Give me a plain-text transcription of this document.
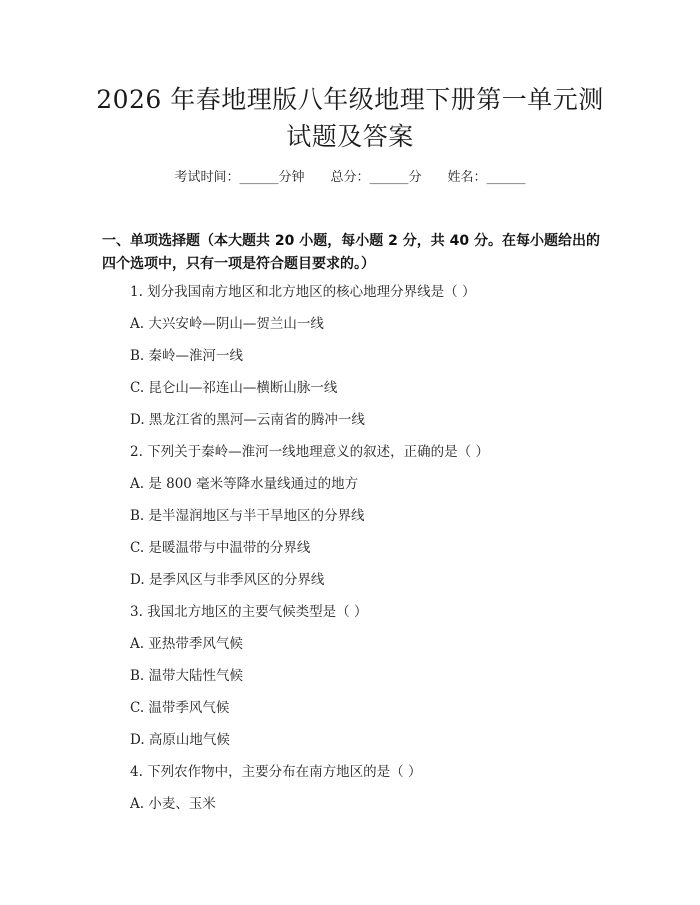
2026 年春地理版八年级地理下册第一单元测
试题及答案
考试时间：______分钟 总分：______分 姓名：______
一、单项选择题（本大题共 20 小题，每小题 2 分，共 40 分。在每小题给出的四个选项中，只有一项是符合题目要求的。）
1. 划分我国南方地区和北方地区的核心地理分界线是（ ）
A. 大兴安岭—阴山—贺兰山一线
B. 秦岭—淮河一线
C. 昆仑山—祁连山—横断山脉一线
D. 黑龙江省的黑河—云南省的腾冲一线
2. 下列关于秦岭—淮河一线地理意义的叙述，正确的是（ ）
A. 是 800 毫米等降水量线通过的地方
B. 是半湿润地区与半干旱地区的分界线
C. 是暖温带与中温带的分界线
D. 是季风区与非季风区的分界线
3. 我国北方地区的主要气候类型是（ ）
A. 亚热带季风气候
B. 温带大陆性气候
C. 温带季风气候
D. 高原山地气候
4. 下列农作物中，主要分布在南方地区的是（ ）
A. 小麦、玉米
